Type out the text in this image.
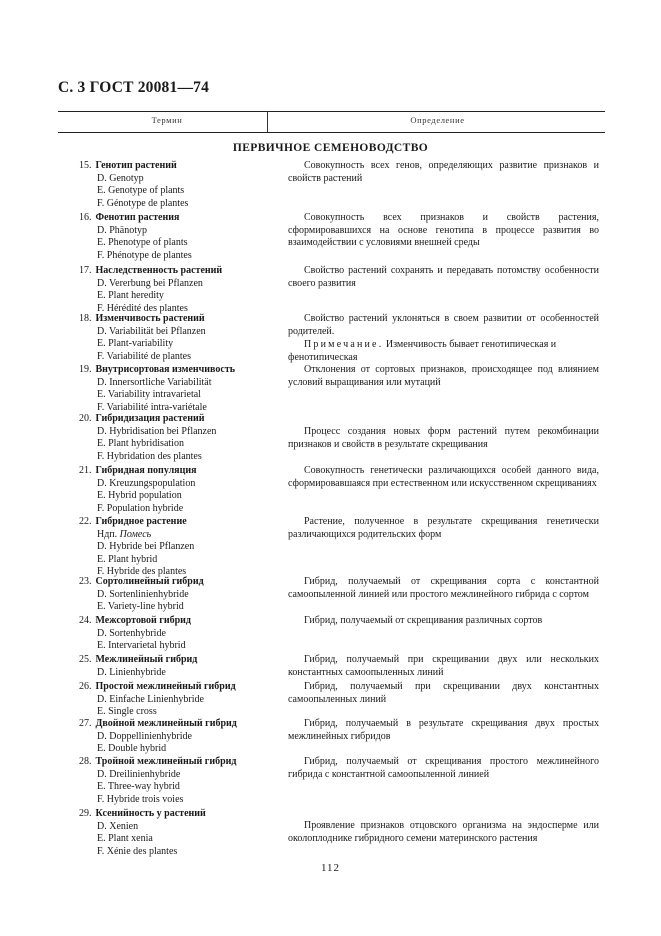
С. 3 ГОСТ 20081—74
Термин	Определение
ПЕРВИЧНОЕ СЕМЕНОВОДСТВО
15. Генотип растений
D. Genotyp
E. Genotype of plants
F. Génotype de plantes
Совокупность всех генов, определяющих развитие признаков и свойств растений
16. Фенотип растения
D. Phänotyp
E. Phenotype of plants
F. Phénotype de plantes
Совокупность всех признаков и свойств растения, сформировавшихся на основе генотипа в процессе развития во взаимодействии с условиями внешней среды
17. Наследственность растений
D. Vererbung bei Pflanzen
E. Plant heredity
F. Hérédité des plantes
Свойство растений сохранять и передавать потомству особенности своего развития
18. Изменчивость растений
D. Variabilität bei Pflanzen
E. Plant-variability
F. Variabilité de plantes
Свойство растений уклоняться в своем развитии от особенностей родителей.
Примечание. Изменчивость бывает генотипическая и фенотипическая
19. Внутрисортовая изменчивость
D. Innersortliche Variabilität
E. Variability intravarietal
F. Variabilité intra-variétale
Отклонения от сортовых признаков, происходящее под влиянием условий выращивания или мутаций
20. Гибридизация растений
D. Hybridisation bei Pflanzen
E. Plant hybridisation
F. Hybridation des plantes
Процесс создания новых форм растений путем рекомбинации признаков и свойств в результате скрещивания
21. Гибридная популяция
D. Kreuzungspopulation
E. Hybrid population
F. Population hybride
Совокупность генетически различающихся особей данного вида, сформировавшаяся при естественном или искусственном скрещиваниях
22. Гибридное растение
Ндп. Помесь
D. Hybride bei Pflanzen
E. Plant hybrid
F. Hybride des plantes
Растение, полученное в результате скрещивания генетически различающихся родительских форм
23. Сортолинейный гибрид
D. Sortenlinienhybride
E. Variety-line hybrid
Гибрид, получаемый от скрещивания сорта с константной самоопыленной линией или простого межлинейного гибрида с сортом
24. Межсортовой гибрид
D. Sortenhybride
E. Intervarietal hybrid
Гибрид, получаемый от скрещивания различных сортов
25. Межлинейный гибрид
D. Linienhybride
Гибрид, получаемый при скрещивании двух или нескольких константных самоопыленных линий
26. Простой межлинейный гибрид
D. Einfache Linienhybride
E. Single cross
Гибрид, получаемый при скрещивании двух константных самоопыленных линий
27. Двойной межлинейный гибрид
D. Doppellinienhybride
E. Double hybrid
Гибрид, получаемый в результате скрещивания двух простых межлинейных гибридов
28. Тройной межлинейный гибрид
D. Dreilinienhybride
E. Three-way hybrid
F. Hybride trois voies
Гибрид, получаемый от скрещивания простого межлинейного гибрида с константной самоопыленной линией
29. Ксенийность у растений
D. Xenien
E. Plant xenia
F. Xénie des plantes
Проявление признаков отцовского организма на эндосперме или околоплоднике гибридного семени материнского растения
112
